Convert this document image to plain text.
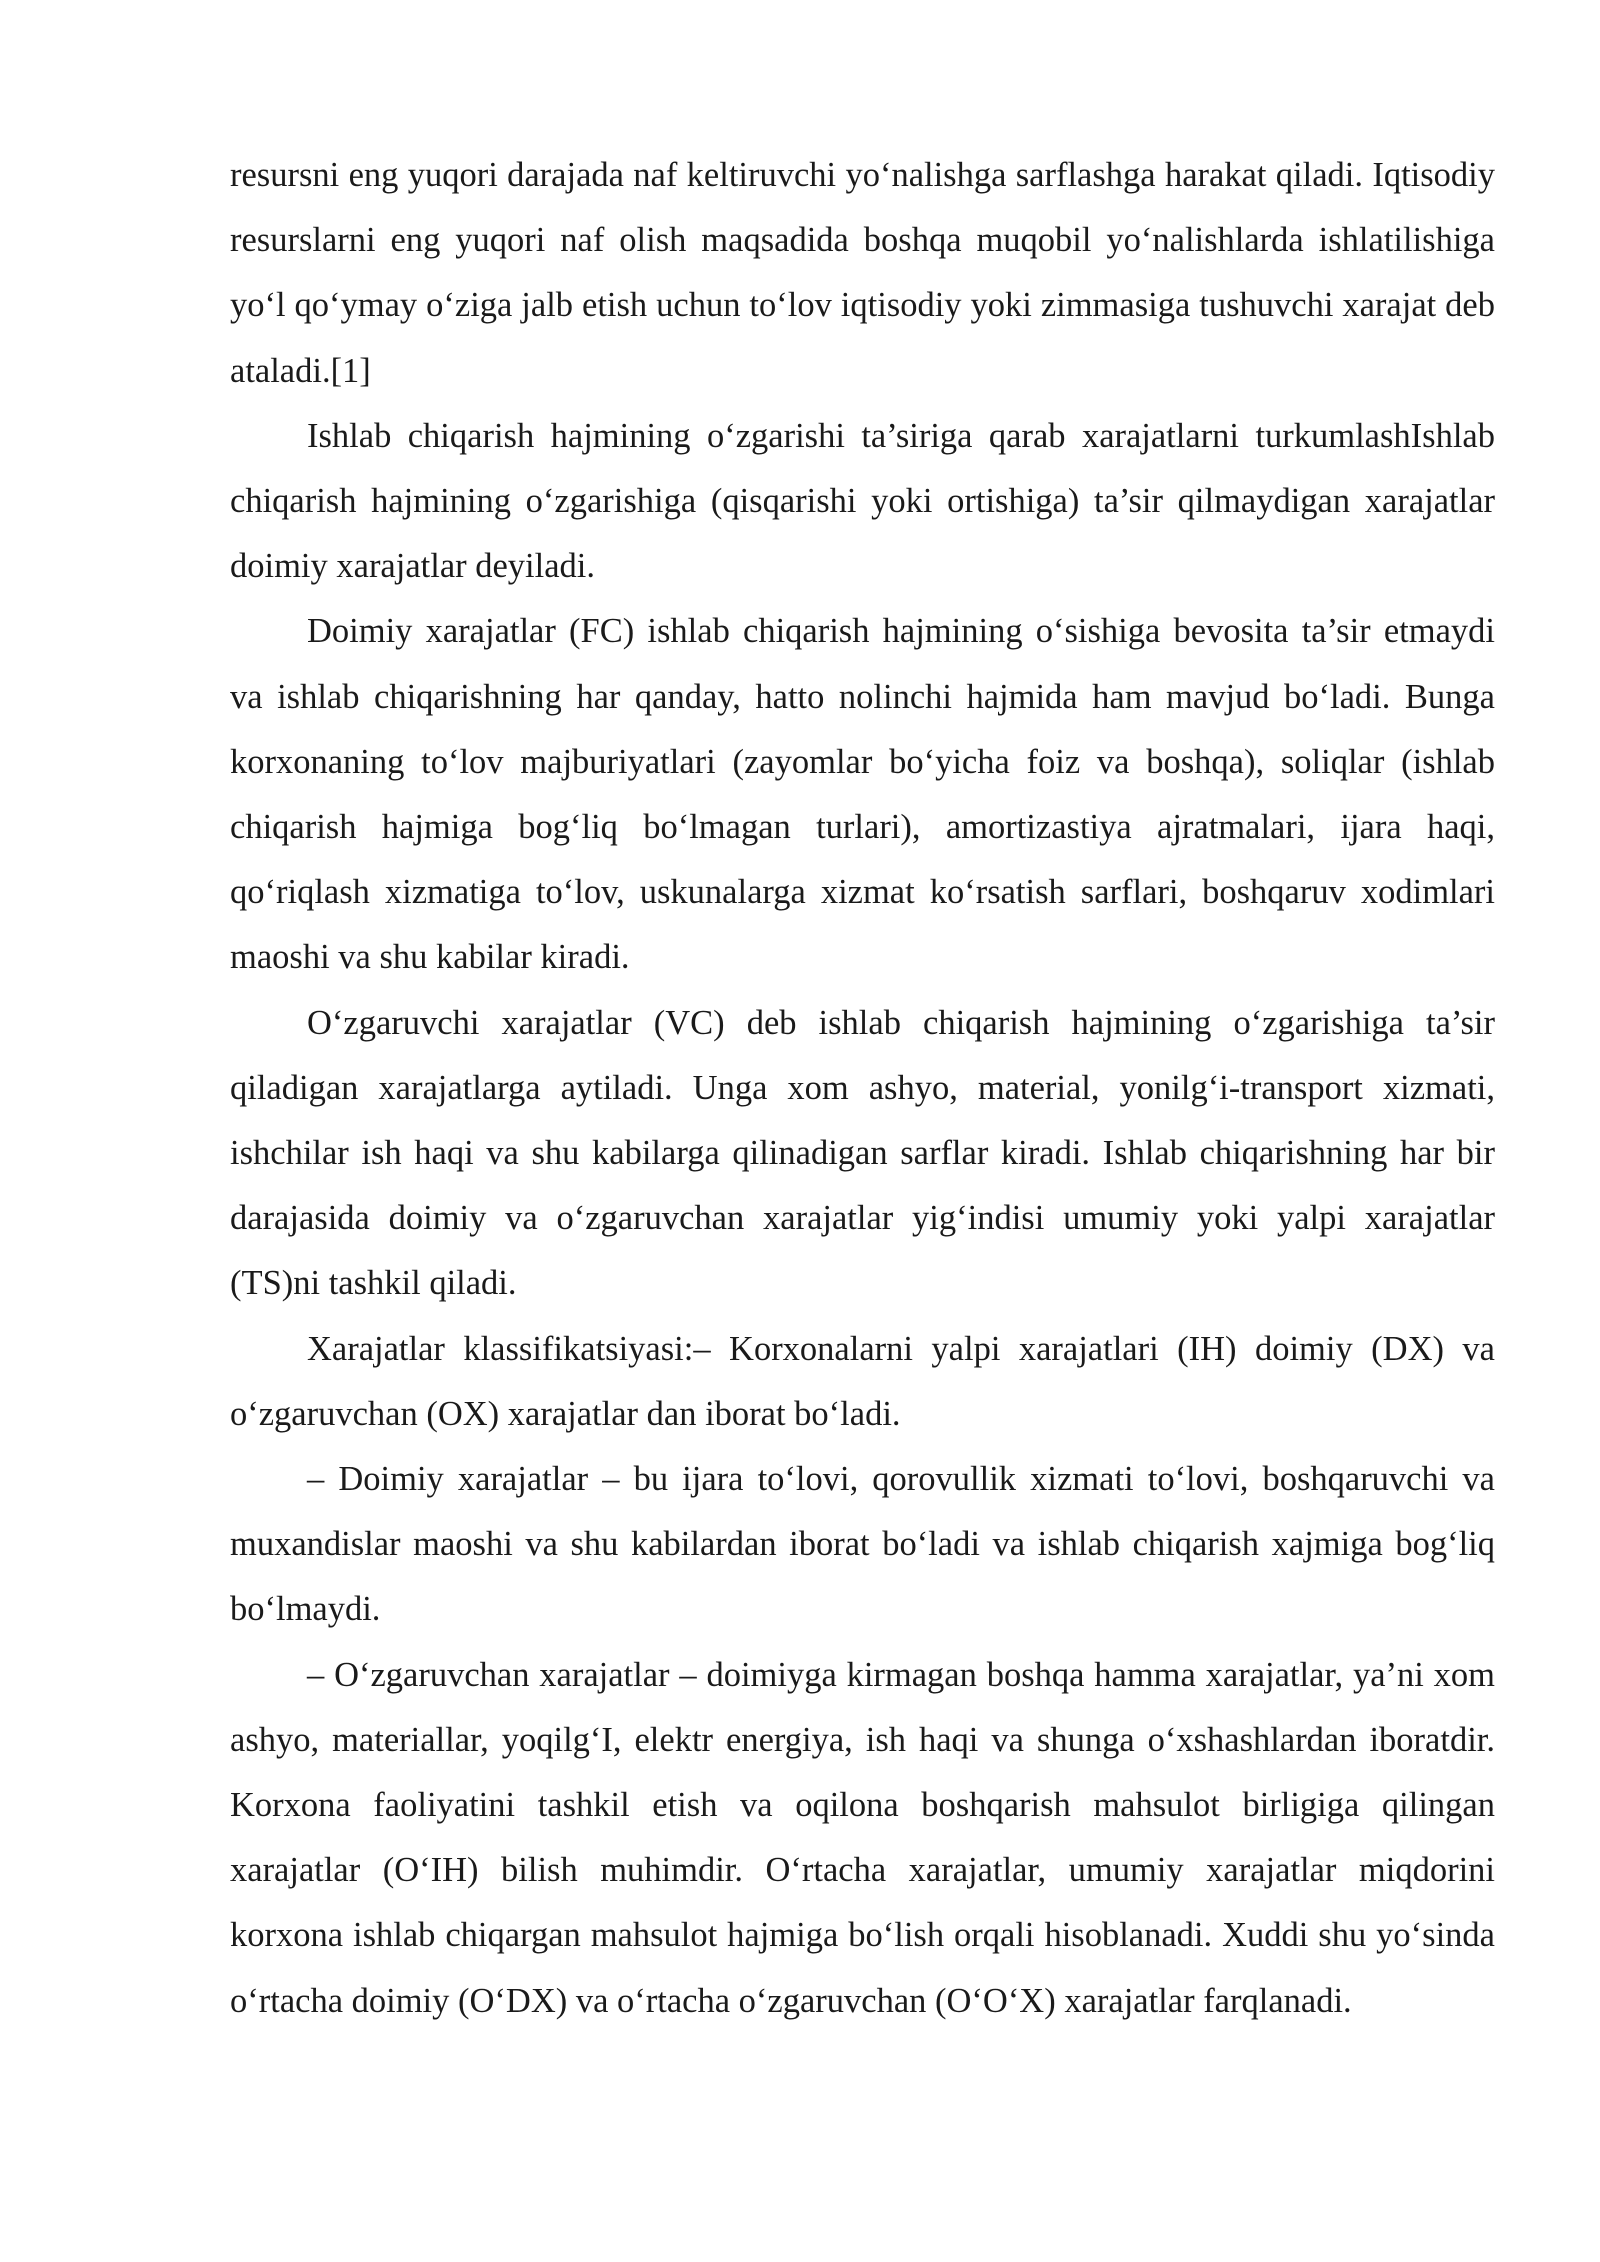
resursni eng yuqori darajada naf keltiruvchi yo‘nalishga sarflashga harakat qiladi. Iqtisodiy resurslarni eng yuqori naf olish maqsadida boshqa muqobil yo‘nalishlarda ishlatilishiga yo‘l qo‘ymay o‘ziga jalb etish uchun to‘lov iqtisodiy yoki zimmasiga tushuvchi xarajat deb ataladi.[1]

Ishlab chiqarish hajmining o‘zgarishi ta’siriga qarab xarajatlarni turkumlashIshlab chiqarish hajmining o‘zgarishiga (qisqarishi yoki ortishiga) ta’sir qilmaydigan xarajatlar doimiy xarajatlar deyiladi.

Doimiy xarajatlar (FC) ishlab chiqarish hajmining o‘sishiga bevosita ta’sir etmaydi va ishlab chiqarishning har qanday, hatto nolinchi hajmida ham mavjud bo‘ladi. Bunga korxonaning to‘lov majburiyatlari (zayomlar bo‘yicha foiz va boshqa), soliqlar (ishlab chiqarish hajmiga bog‘liq bo‘lmagan turlari), amortizastiya ajratmalari, ijara haqi, qo‘riqlash xizmatiga to‘lov, uskunalarga xizmat ko‘rsatish sarflari, boshqaruv xodimlari maoshi va shu kabilar kiradi.

O‘zgaruvchi xarajatlar (VC) deb ishlab chiqarish hajmining o‘zgarishiga ta’sir qiladigan xarajatlarga aytiladi. Unga xom ashyo, material, yonilg‘i-transport xizmati, ishchilar ish haqi va shu kabilarga qilinadigan sarflar kiradi. Ishlab chiqarishning har bir darajasida doimiy va o‘zgaruvchan xarajatlar yig‘indisi umumiy yoki yalpi xarajatlar (TS)ni tashkil qiladi.

Xarajatlar klassifikatsiyasi:– Korxonalarni yalpi xarajatlari (IH) doimiy (DX) va o‘zgaruvchan (OX) xarajatlar dan iborat bo‘ladi.

– Doimiy xarajatlar – bu ijara to‘lovi, qorovullik xizmati to‘lovi, boshqaruvchi va muxandislar maoshi va shu kabilardan iborat bo‘ladi va ishlab chiqarish xajmiga bog‘liq bo‘lmaydi.

– O‘zgaruvchan xarajatlar – doimiyga kirmagan boshqa hamma xarajatlar, ya’ni xom ashyo, materiallar, yoqilg‘I, elektr energiya, ish haqi va shunga o‘xshashlardan iboratdir. Korxona faoliyatini tashkil etish va oqilona boshqarish mahsulot birligiga qilingan xarajatlar (O‘IH) bilish muhimdir. O‘rtacha xarajatlar, umumiy xarajatlar miqdorini korxona ishlab chiqargan mahsulot hajmiga bo‘lish orqali hisoblanadi. Xuddi shu yo‘sinda o‘rtacha doimiy (O‘DX) va o‘rtacha o‘zgaruvchan (O‘O‘X) xarajatlar farqlanadi.
